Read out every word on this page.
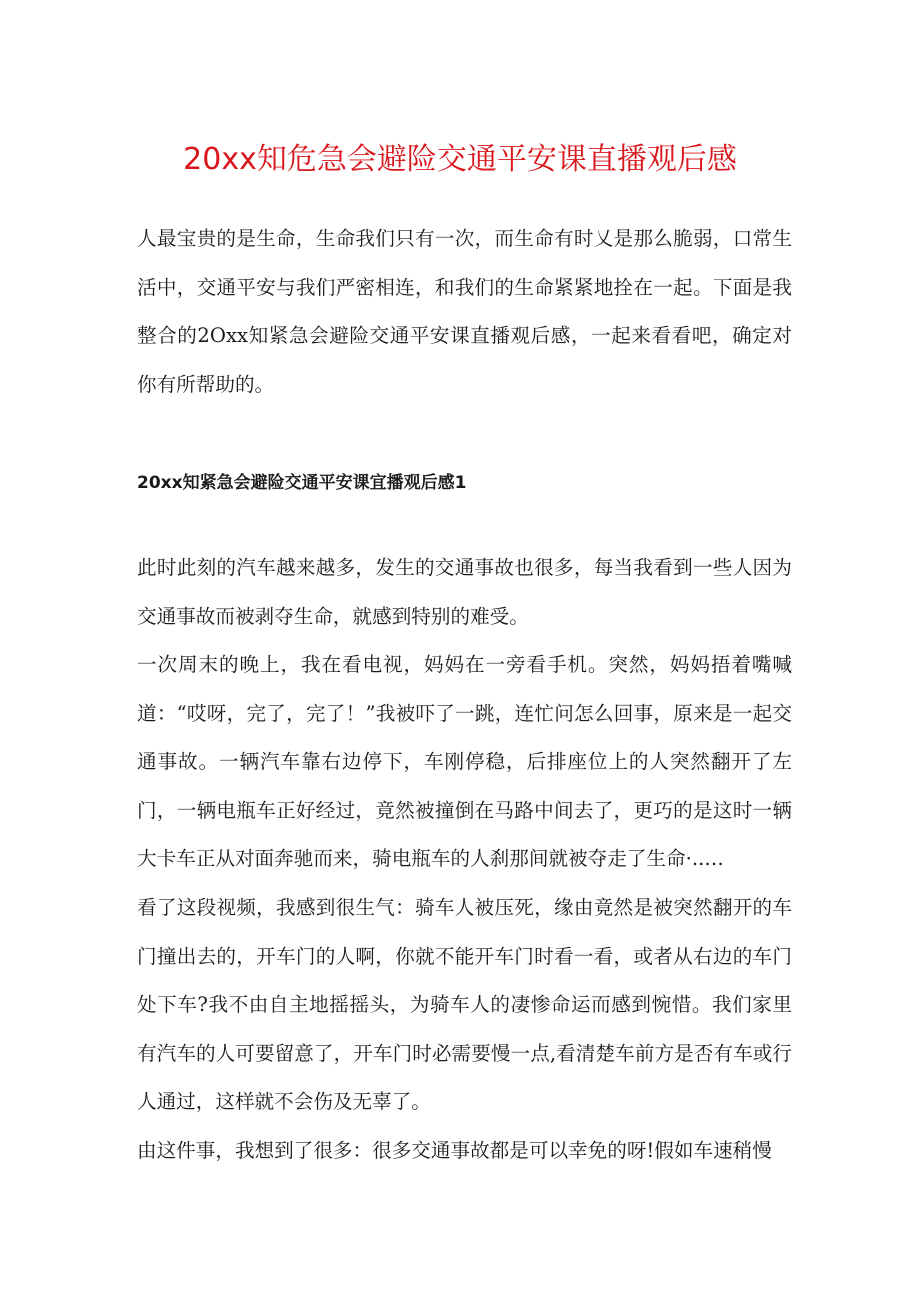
20xx知危急会避险交通平安课直播观后感

人最宝贵的是生命，生命我们只有一次，而生命有时乂是那么脆弱，口常生活中，交通平安与我们严密相连，和我们的生命紧紧地拴在一起。下面是我整合的2Oxx知紧急会避险交通平安课直播观后感，一起来看看吧，确定对你有所帮助的。

20xx知紧急会避险交通平安课宜播观后感1

此时此刻的汽车越来越多，发生的交通事故也很多，每当我看到一些人因为交通事故而被剥夺生命，就感到特别的难受。

一次周末的晚上，我在看电视，妈妈在一旁看手机。突然，妈妈捂着嘴喊道：“哎呀，完了，完了！”我被吓了一跳，连忙问怎么回事，原来是一起交通事故。一辆汽车靠右边停下，车刚停稳，后排座位上的人突然翻开了左门，一辆电瓶车正好经过，竟然被撞倒在马路中间去了，更巧的是这时一辆大卡车正从对面奔驰而来，骑电瓶车的人刹那间就被夺走了生命·..…

看了这段视频，我感到很生气：骑车人被压死，缘由竟然是被突然翻开的车门撞出去的，开车门的人啊，你就不能开车门时看一看，或者从右边的车门处下车?我不由自主地摇摇头，为骑车人的凄惨命运而感到惋惜。我们家里有汽车的人可要留意了，开车门时必需要慢一点,看清楚车前方是否有车或行人通过，这样就不会伤及无辜了。

由这件事，我想到了很多：很多交通事故都是可以幸免的呀!假如车速稍慢
